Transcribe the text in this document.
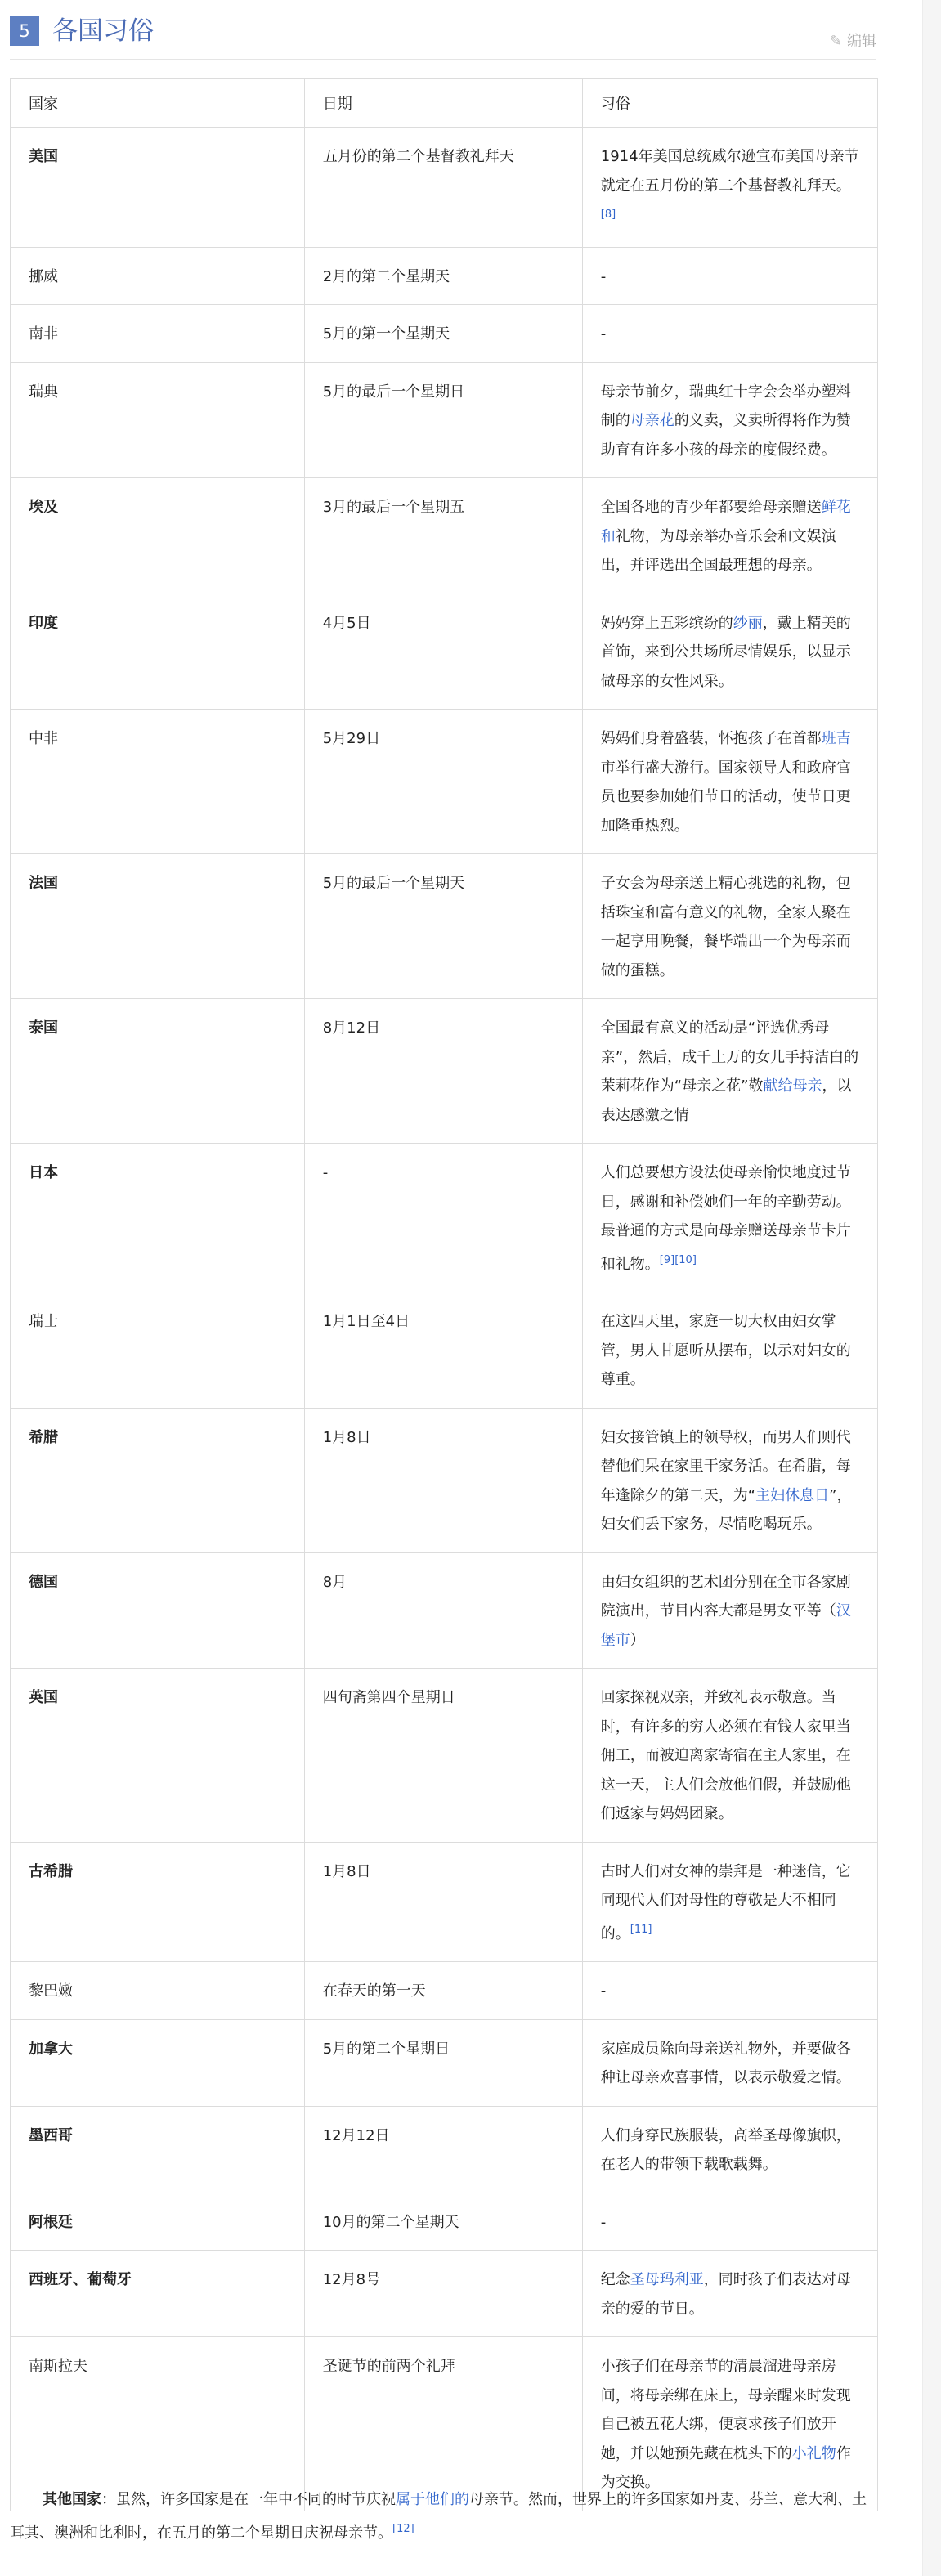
5 各国习俗	✎ 编辑
国家	日期	习俗
美国	五月份的第二个基督教礼拜天	1914年美国总统威尔逊宣布美国母亲节就定在五月份的第二个基督教礼拜天。[8]
挪威	2月的第二个星期天	-
南非	5月的第一个星期天	-
瑞典	5月的最后一个星期日	母亲节前夕，瑞典红十字会会举办塑料制的母亲花的义卖，义卖所得将作为赞助育有许多小孩的母亲的度假经费。
埃及	3月的最后一个星期五	全国各地的青少年都要给母亲赠送鲜花和礼物，为母亲举办音乐会和文娱演出，并评选出全国最理想的母亲。
印度	4月5日	妈妈穿上五彩缤纷的纱丽，戴上精美的首饰，来到公共场所尽情娱乐，以显示做母亲的女性风采。
中非	5月29日	妈妈们身着盛装，怀抱孩子在首都班吉市举行盛大游行。国家领导人和政府官员也要参加她们节日的活动，使节日更加隆重热烈。
法国	5月的最后一个星期天	子女会为母亲送上精心挑选的礼物，包括珠宝和富有意义的礼物，全家人聚在一起享用晚餐，餐毕端出一个为母亲而做的蛋糕。
泰国	8月12日	全国最有意义的活动是“评选优秀母亲”，然后，成千上万的女儿手持洁白的茉莉花作为“母亲之花”敬献给母亲，以表达感激之情
日本	-	人们总要想方设法使母亲愉快地度过节日，感谢和补偿她们一年的辛勤劳动。最普通的方式是向母亲赠送母亲节卡片和礼物。[9][10]
瑞士	1月1日至4日	在这四天里，家庭一切大权由妇女掌管，男人甘愿听从摆布，以示对妇女的尊重。
希腊	1月8日	妇女接管镇上的领导权，而男人们则代替他们呆在家里干家务活。在希腊，每年逢除夕的第二天，为“主妇休息日”，妇女们丢下家务，尽情吃喝玩乐。
德国	8月	由妇女组织的艺术团分别在全市各家剧院演出，节目内容大都是男女平等（汉堡市）
英国	四旬斋第四个星期日	回家探视双亲，并致礼表示敬意。当时，有许多的穷人必须在有钱人家里当佣工，而被迫离家寄宿在主人家里，在这一天，主人们会放他们假，并鼓励他们返家与妈妈团聚。
古希腊	1月8日	古时人们对女神的崇拜是一种迷信，它同现代人们对母性的尊敬是大不相同的。[11]
黎巴嫩	在春天的第一天	-
加拿大	5月的第二个星期日	家庭成员除向母亲送礼物外，并要做各种让母亲欢喜事情，以表示敬爱之情。
墨西哥	12月12日	人们身穿民族服装，高举圣母像旗帜，在老人的带领下载歌载舞。
阿根廷	10月的第二个星期天	-
西班牙、葡萄牙	12月8号	纪念圣母玛利亚，同时孩子们表达对母亲的爱的节日。
南斯拉夫	圣诞节的前两个礼拜	小孩子们在母亲节的清晨溜进母亲房间，将母亲绑在床上，母亲醒来时发现自己被五花大绑，便哀求孩子们放开她，并以她预先藏在枕头下的小礼物作为交换。
其他国家：虽然，许多国家是在一年中不同的时节庆祝属于他们的母亲节。然而，世界上的许多国家如丹麦、芬兰、意大利、土耳其、澳洲和比利时，在五月的第二个星期日庆祝母亲节。[12]
